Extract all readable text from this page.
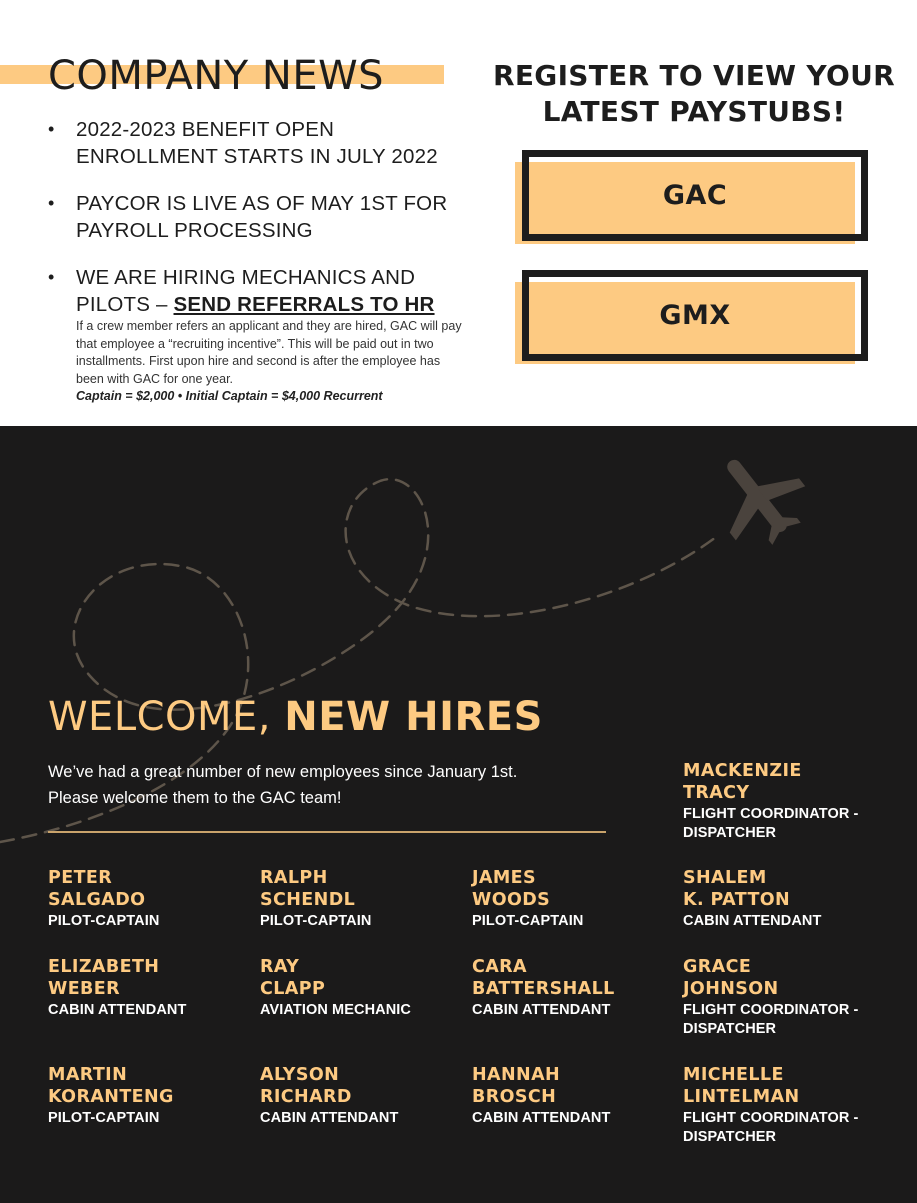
COMPANY NEWS
• 2022-2023 BENEFIT OPEN ENROLLMENT STARTS IN JULY 2022
• PAYCOR IS LIVE AS OF MAY 1ST FOR PAYROLL PROCESSING
• WE ARE HIRING MECHANICS AND PILOTS – SEND REFERRALS TO HR
If a crew member refers an applicant and they are hired, GAC will pay that employee a “recruiting incentive”. This will be paid out in two installments. First upon hire and second is after the employee has been with GAC for one year.
Captain = $2,000 • Initial Captain = $4,000 Recurrent
REGISTER TO VIEW YOUR LATEST PAYSTUBS!
GAC
GMX
WELCOME, NEW HIRES
We’ve had a great number of new employees since January 1st.
Please welcome them to the GAC team!
MACKENZIE
TRACY
FLIGHT COORDINATOR - DISPATCHER
PETER
SALGADO
PILOT-CAPTAIN
RALPH
SCHENDL
PILOT-CAPTAIN
JAMES
WOODS
PILOT-CAPTAIN
SHALEM
K. PATTON
CABIN ATTENDANT
ELIZABETH
WEBER
CABIN ATTENDANT
RAY
CLAPP
AVIATION MECHANIC
CARA
BATTERSHALL
CABIN ATTENDANT
GRACE
JOHNSON
FLIGHT COORDINATOR - DISPATCHER
MARTIN
KORANTENG
PILOT-CAPTAIN
ALYSON
RICHARD
CABIN ATTENDANT
HANNAH
BROSCH
CABIN ATTENDANT
MICHELLE
LINTELMAN
FLIGHT COORDINATOR - DISPATCHER
